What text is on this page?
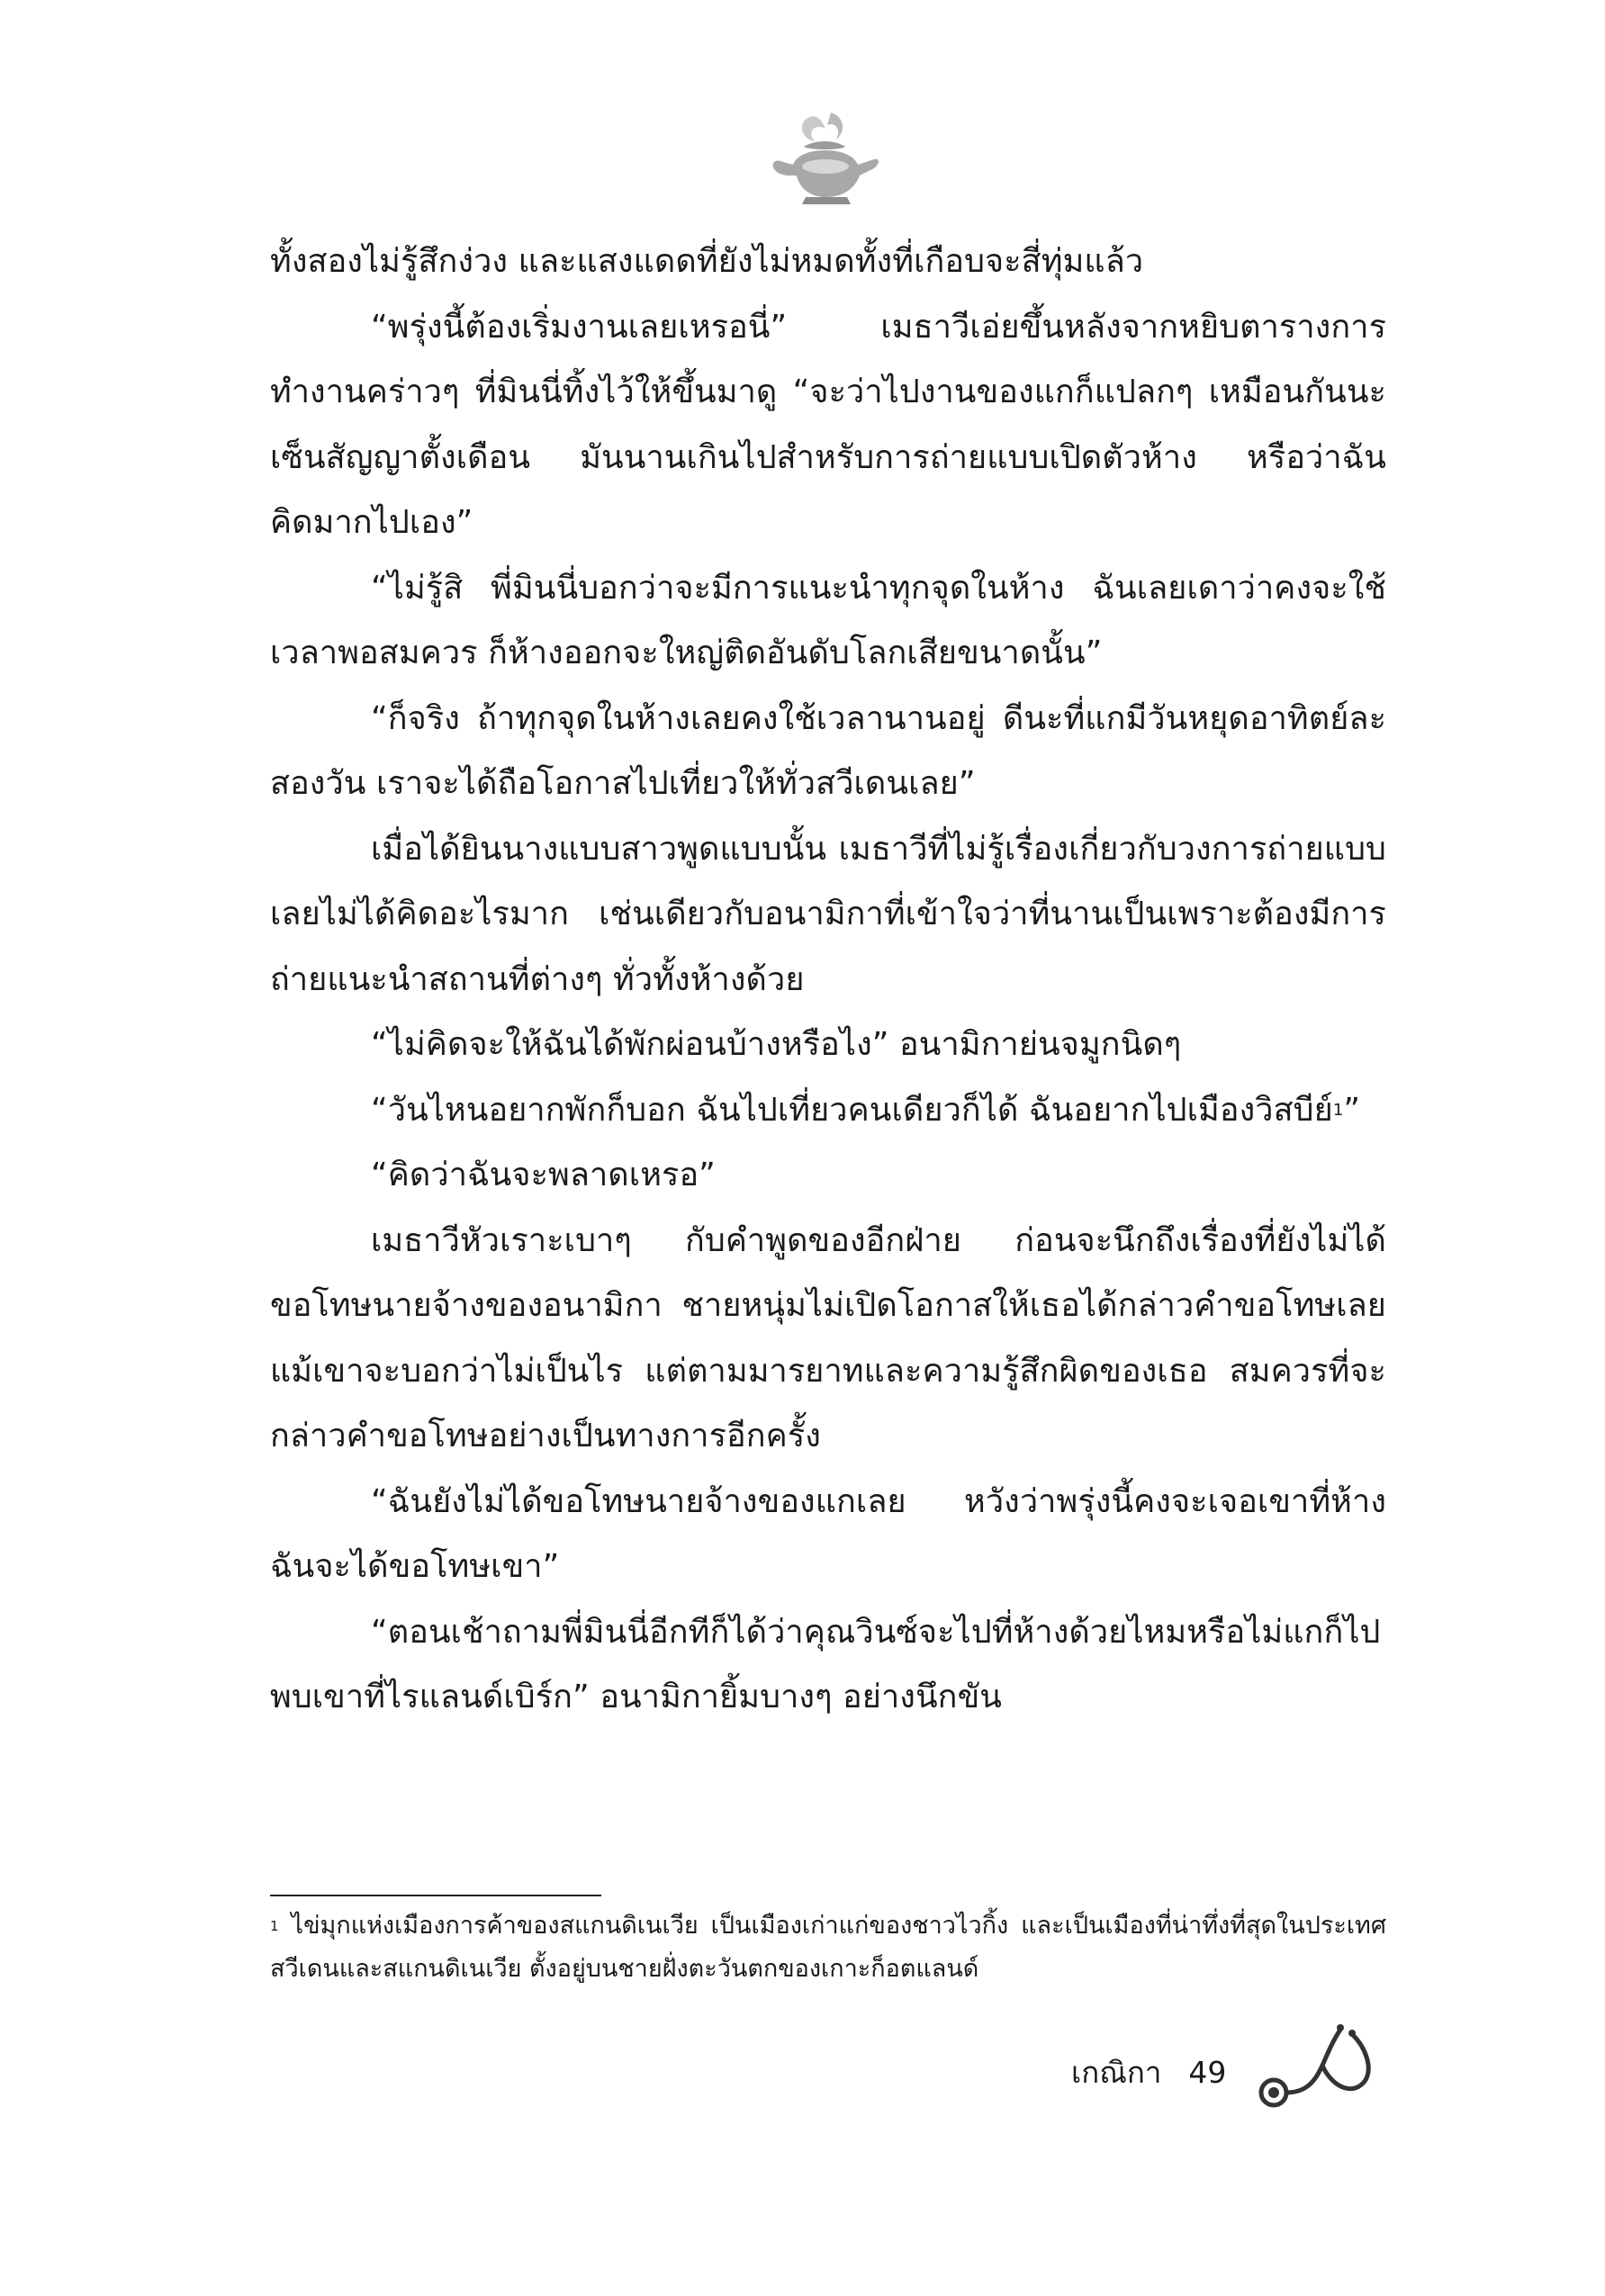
ทั้งสองไม่รู้สึกง่วง และแสงแดดที่ยังไม่หมดทั้งที่เกือบจะสี่ทุ่มแล้ว

“พรุ่งนี้ต้องเริ่มงานเลยเหรอนี่” เมธาวีเอ่ยขึ้นหลังจากหยิบตารางการทำงานคร่าวๆ ที่มินนี่ทิ้งไว้ให้ขึ้นมาดู “จะว่าไปงานของแกก็แปลกๆ เหมือนกันนะ เซ็นสัญญาตั้งเดือน มันนานเกินไปสำหรับการถ่ายแบบเปิดตัวห้าง หรือว่าฉันคิดมากไปเอง”

“ไม่รู้สิ พี่มินนี่บอกว่าจะมีการแนะนำทุกจุดในห้าง ฉันเลยเดาว่าคงจะใช้เวลาพอสมควร ก็ห้างออกจะใหญ่ติดอันดับโลกเสียขนาดนั้น”

“ก็จริง ถ้าทุกจุดในห้างเลยคงใช้เวลานานอยู่ ดีนะที่แกมีวันหยุดอาทิตย์ละสองวัน เราจะได้ถือโอกาสไปเที่ยวให้ทั่วสวีเดนเลย”

เมื่อได้ยินนางแบบสาวพูดแบบนั้น เมธาวีที่ไม่รู้เรื่องเกี่ยวกับวงการถ่ายแบบเลยไม่ได้คิดอะไรมาก เช่นเดียวกับอนามิกาที่เข้าใจว่าที่นานเป็นเพราะต้องมีการถ่ายแนะนำสถานที่ต่างๆ ทั่วทั้งห้างด้วย

“ไม่คิดจะให้ฉันได้พักผ่อนบ้างหรือไง” อนามิกาย่นจมูกนิดๆ

“วันไหนอยากพักก็บอก ฉันไปเที่ยวคนเดียวก็ได้ ฉันอยากไปเมืองวิสบีย์$^1$”

“คิดว่าฉันจะพลาดเหรอ”

เมธาวีหัวเราะเบาๆ กับคำพูดของอีกฝ่าย ก่อนจะนึกถึงเรื่องที่ยังไม่ได้ขอโทษนายจ้างของอนามิกา ชายหนุ่มไม่เปิดโอกาสให้เธอได้กล่าวคำขอโทษเลย แม้เขาจะบอกว่าไม่เป็นไร แต่ตามมารยาทและความรู้สึกผิดของเธอ สมควรที่จะกล่าวคำขอโทษอย่างเป็นทางการอีกครั้ง

“ฉันยังไม่ได้ขอโทษนายจ้างของแกเลย หวังว่าพรุ่งนี้คงจะเจอเขาที่ห้าง ฉันจะได้ขอโทษเขา”

“ตอนเช้าถามพี่มินนี่อีกทีก็ได้ว่าคุณวินซ์จะไปที่ห้างด้วยไหมหรือไม่แกก็ไปพบเขาที่ไรแลนด์เบิร์ก” อนามิกายิ้มบางๆ อย่างนึกขัน

$^1$ ไข่มุกแห่งเมืองการค้าของสแกนดิเนเวีย เป็นเมืองเก่าแก่ของชาวไวกิ้ง และเป็นเมืองที่น่าทึ่งที่สุดในประเทศสวีเดนและสแกนดิเนเวีย ตั้งอยู่บนชายฝั่งตะวันตกของเกาะก็อตแลนด์

เกณิกา 49
